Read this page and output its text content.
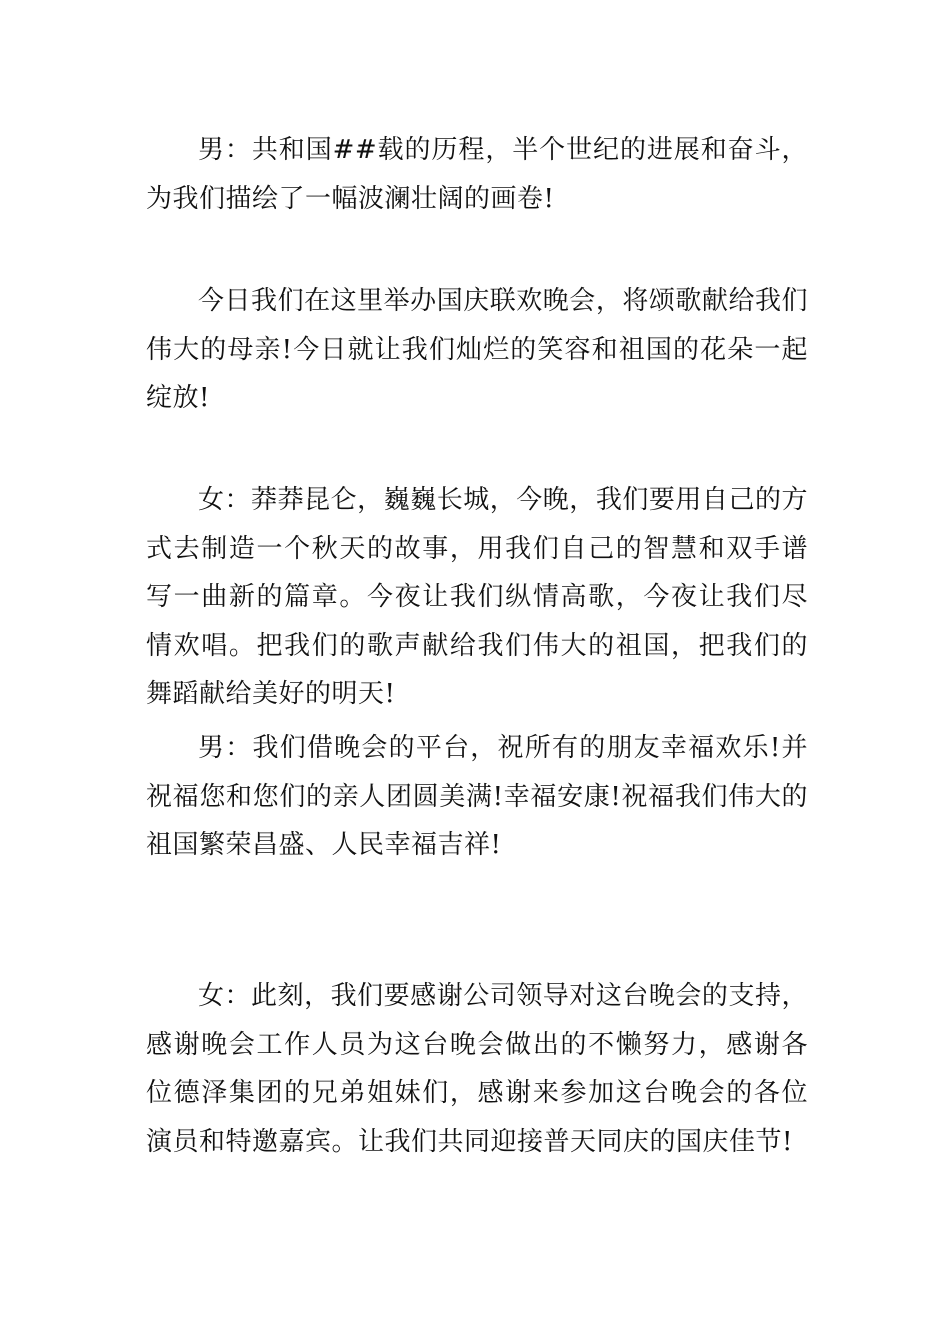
男：共和国##载的历程，半个世纪的进展和奋斗，为我们描绘了一幅波澜壮阔的画卷!

今日我们在这里举办国庆联欢晚会，将颂歌献给我们伟大的母亲!今日就让我们灿烂的笑容和祖国的花朵一起绽放!

女：莽莽昆仑，巍巍长城，今晚，我们要用自己的方式去制造一个秋天的故事，用我们自己的智慧和双手谱写一曲新的篇章。今夜让我们纵情高歌，今夜让我们尽情欢唱。把我们的歌声献给我们伟大的祖国，把我们的舞蹈献给美好的明天!

男：我们借晚会的平台，祝所有的朋友幸福欢乐!并祝福您和您们的亲人团圆美满!幸福安康!祝福我们伟大的祖国繁荣昌盛、人民幸福吉祥!

女：此刻，我们要感谢公司领导对这台晚会的支持，感谢晚会工作人员为这台晚会做出的不懒努力，感谢各位德泽集团的兄弟姐妹们，感谢来参加这台晚会的各位演员和特邀嘉宾。让我们共同迎接普天同庆的国庆佳节!
